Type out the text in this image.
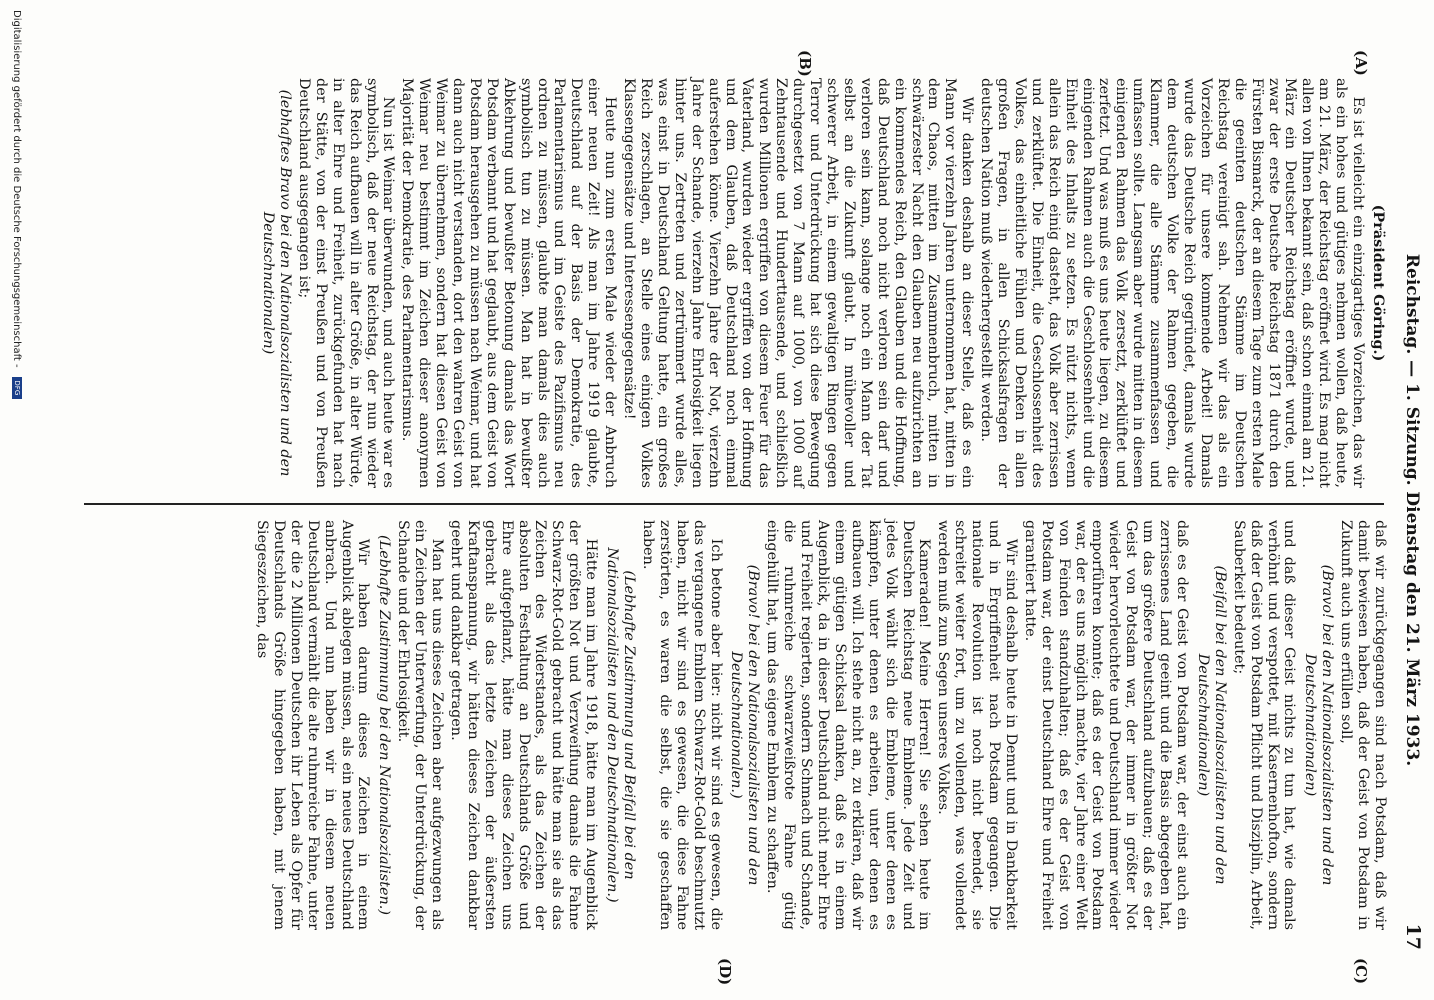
Reichstag. — 1. Sitzung. Dienstag den 21. März 1933.
17
(A)
(B)
(C)
(D)
(Präsident Göring.)

Es ist vielleicht ein einzigartiges Vorzeichen, das wir als ein hohes und gütiges nehmen wollen, daß heute, am 21. März, der Reichstag eröffnet wird. Es mag nicht allen von Ihnen bekannt sein, daß schon einmal am 21. März ein Deutscher Reichstag eröffnet wurde, und zwar der erste Deutsche Reichstag 1871 durch den Fürsten Bismarck, der an diesem Tage zum ersten Male die geeinten deutschen Stämme im Deutschen Reichstag vereinigt sah. Nehmen wir das als ein Vorzeichen für unsere kommende Arbeit! Damals wurde das Deutsche Reich gegründet, damals wurde dem deutschen Volke der Rahmen gegeben, die Klammer, die alle Stämme zusammenfassen und umfassen sollte. Langsam aber wurde mitten in diesem einigenden Rahmen das Volk zersetzt, zerklüftet und zerfetzt. Und was muß es uns heute liegen, zu diesem einigenden Rahmen auch die Geschlossenheit und die Einheit des Inhalts zu setzen. Es nützt nichts, wenn allein das Reich einig dasteht, das Volk aber zerrissen und zerklüftet. Die Einheit, die Geschlossenheit des Volkes, das einheitliche Fühlen und Denken in allen großen Fragen, in allen Schicksalsfragen der deutschen Nation muß wiederhergestellt werden.

Wir danken deshalb an dieser Stelle, daß es ein Mann vor vierzehn Jahren unternommen hat, mitten in dem Chaos, mitten im Zusammenbruch, mitten in schwärzester Nacht den Glauben neu aufzurichten an ein kommendes Reich, den Glauben und die Hoffnung, daß Deutschland noch nicht verloren sein darf und verloren sein kann, solange noch ein Mann der Tat selbst an die Zukunft glaubt. In mühevoller und schwerer Arbeit, in einem gewaltigen Ringen gegen Terror und Unterdrückung hat sich diese Bewegung durchgesetzt von 7 Mann auf 1000, von 1000 auf Zehntausende und Hunderttausende, und schließlich wurden Millionen ergriffen von diesem Feuer für das Vaterland, wurden wieder ergriffen von der Hoffnung und dem Glauben, daß Deutschland noch einmal auferstehen könne. Vierzehn Jahre der Not, vierzehn Jahre der Schande, vierzehn Jahre Ehrlosigkeit liegen hinter uns. Zertreten und zertrümmert wurde alles, was einst in Deutschland Geltung hatte, ein großes Reich zerschlagen, an Stelle eines einigen Volkes Klassengegensätze und Interessengegensätze!

Heute nun zum ersten Male wieder der Anbruch einer neuen Zeit! Als man im Jahre 1919 glaubte, Deutschland auf der Basis der Demokratie, des Parlamentarismus und im Geiste des Pazifismus neu ordnen zu müssen, glaubte man damals dies auch symbolisch tun zu müssen. Man hat in bewußter Abkehrung und bewußter Betonung damals das Wort Potsdam verbannt und hat geglaubt, aus dem Geist von Potsdam herausgehen zu müssen nach Weimar, und hat dann auch nicht verstanden, dort den wahren Geist von Weimar zu übernehmen, sondern hat diesen Geist von Weimar neu bestimmt im Zeichen dieser anonymen Majorität der Demokratie, des Parlamentarismus.

Nun ist Weimar überwunden, und auch heute war es symbolisch, daß der neue Reichstag, der nun wieder das Reich aufbauen will in alter Größe, in alter Würde, in alter Ehre und Freiheit, zurückgefunden hat nach der Stätte, von der einst Preußen und von Preußen Deutschland ausgegangen ist;

(lebhaftes Bravo bei den Nationalsozialisten und den Deutschnationalen)

daß wir zurückgegangen sind nach Potsdam, daß wir damit bewiesen haben, daß der Geist von Potsdam in Zukunft auch uns erfüllen soll,

(Bravo! bei den Nationalsozialisten und den Deutschnationalen)

und daß dieser Geist nichts zu tun hat, wie damals verhöhnt und verspottet, mit Kasernenhofton, sondern daß der Geist von Potsdam Pflicht und Disziplin, Arbeit, Sauberkeit bedeutet;

(Beifall bei den Nationalsozialisten und den Deutschnationalen)

daß es der Geist von Potsdam war, der einst auch ein zerrissenes Land geeint und die Basis abgegeben hat, um das größere Deutschland aufzubauen; daß es der Geist von Potsdam war, der immer in größter Not wieder hervorleuchtete und Deutschland immer wieder emporführen konnte; daß es der Geist von Potsdam war, der es uns möglich machte, vier Jahre einer Welt von Feinden standzuhalten; daß es der Geist von Potsdam war, der einst Deutschland Ehre und Freiheit garantiert hatte.

Wir sind deshalb heute in Demut und in Dankbarkeit und in Ergriffenheit nach Potsdam gegangen. Die nationale Revolution ist noch nicht beendet, sie schreitet weiter fort, um zu vollenden, was vollendet werden muß zum Segen unseres Volkes.

Kameraden! Meine Herren! Sie sehen heute im Deutschen Reichstag neue Embleme. Jede Zeit und jedes Volk wählt sich die Embleme, unter denen es kämpfen, unter denen es arbeiten, unter denen es aufbauen will. Ich stehe nicht an, zu erklären, daß wir einem gütigen Schicksal danken, daß es in einem Augenblick, da in dieser Deutschland nicht mehr Ehre und Freiheit regierten, sondern Schmach und Schande, die ruhmreiche schwarzweißrote Fahne gütig eingehüllt hat, um das eigene Emblem zu schaffen.

(Bravo! bei den Nationalsozialisten und den Deutschnationalen.)

Ich betone aber hier: nicht wir sind es gewesen, die das vergangene Emblem Schwarz-Rot-Gold beschmutzt haben, nicht wir sind es gewesen, die diese Fahne zerstörten, es waren die selbst, die sie geschaffen haben.

(Lebhafte Zustimmung und Beifall bei den Nationalsozialisten und den Deutschnationalen.)

Hätte man im Jahre 1918, hätte man im Augenblick der größten Not und Verzweiflung damals die Fahne Schwarz-Rot-Gold gebracht und hätte man sie als das Zeichen des Widerstandes, als das Zeichen der absoluten Festhaltung an Deutschlands Größe und Ehre aufgepflanzt, hätte man dieses Zeichen uns gebracht als das letzte Zeichen der äußersten Kraftanspannung, wir hätten dieses Zeichen dankbar geehrt und dankbar getragen.

Man hat uns dieses Zeichen aber aufgezwungen als ein Zeichen der Unterwerfung, der Unterdrückung, der Schande und der Ehrlosigkeit.

(Lebhafte Zustimmung bei den Nationalsozialisten.)

Wir haben darum dieses Zeichen in einem Augenblick ablegen müssen, als ein neues Deutschland anbrach. Und nun haben wir in diesem neuen Deutschland vermählt die alte ruhmreiche Fahne, unter der die 2 Millionen Deutschen ihr Leben als Opfer für Deutschlands Größe hingegeben haben, mit jenem Siegeszeichen, das

Digitalisierung gefördert durch die Deutsche Forschungsgemeinschaft - DFG
